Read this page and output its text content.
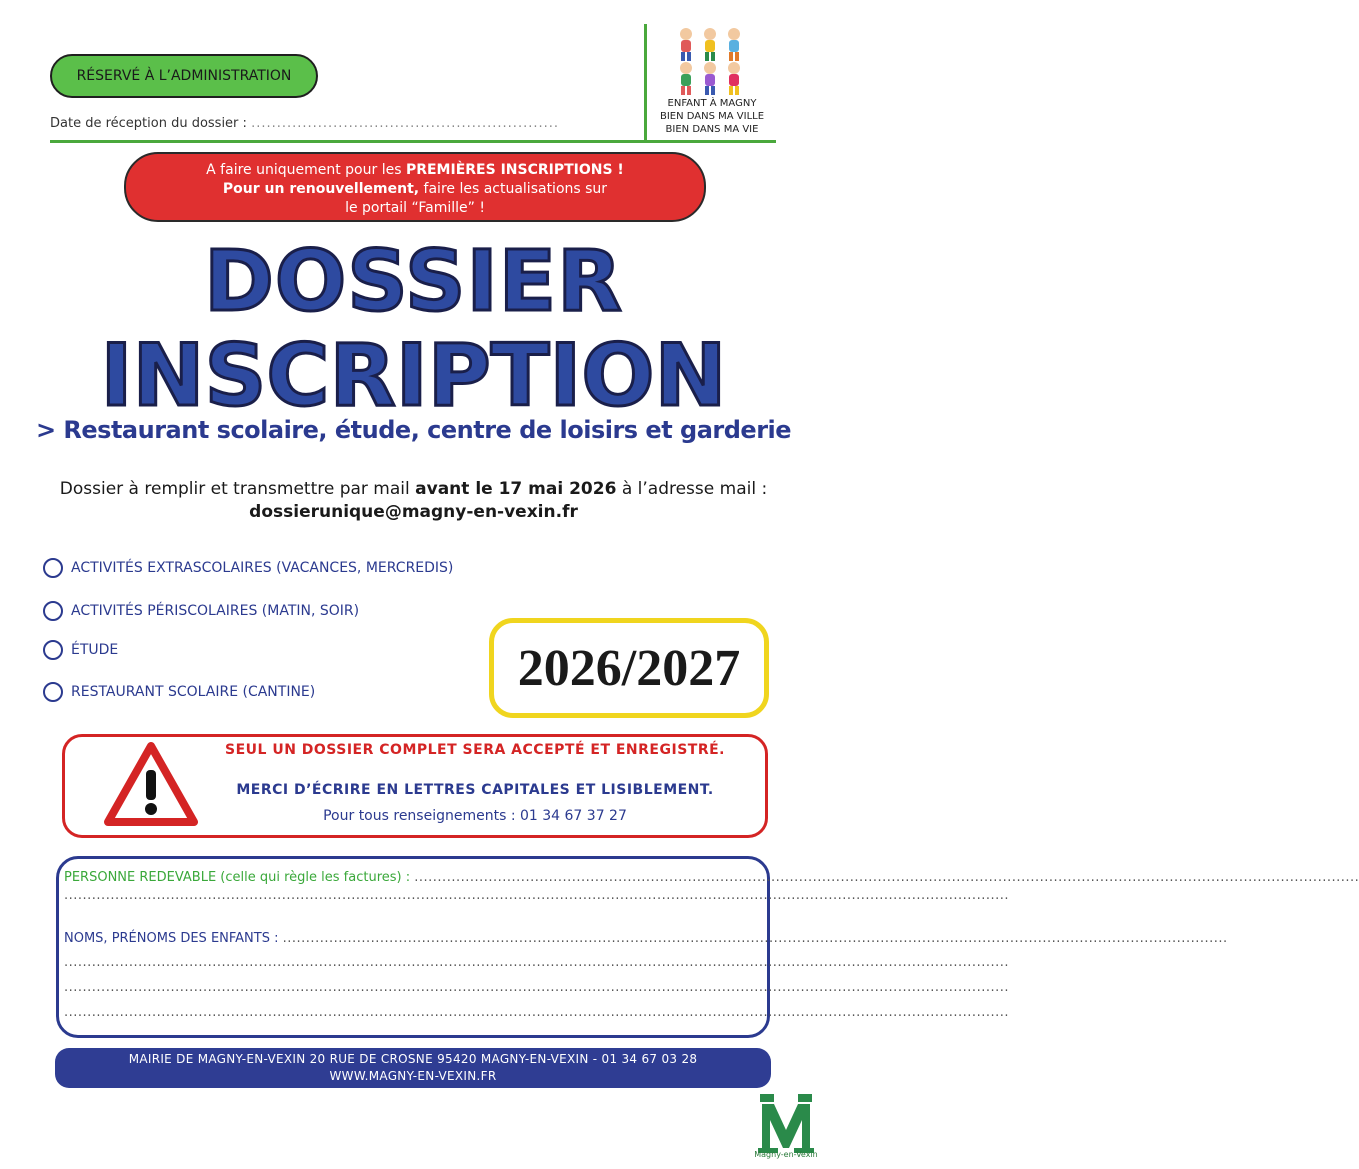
RÉSERVÉ À L’ADMINISTRATION
Date de réception du dossier : ............................................................
ENFANT À MAGNY
BIEN DANS MA VILLE
BIEN DANS MA VIE
A faire uniquement pour les PREMIÈRES INSCRIPTIONS !
Pour un renouvellement, faire les actualisations sur
le portail “Famille” !
DOSSIER
INSCRIPTION
> Restaurant scolaire, étude, centre de loisirs et garderie
Dossier à remplir et transmettre par mail avant le 17 mai 2026 à l’adresse mail :
dossierunique@magny-en-vexin.fr
ACTIVITÉS EXTRASCOLAIRES (VACANCES, MERCREDIS)
ACTIVITÉS PÉRISCOLAIRES (MATIN, SOIR)
ÉTUDE
RESTAURANT SCOLAIRE (CANTINE)	2026/2027
SEUL UN DOSSIER COMPLET SERA ACCEPTÉ ET ENREGISTRÉ.
MERCI D’ÉCRIRE EN LETTRES CAPITALES ET LISIBLEMENT.
Pour tous renseignements : 01 34 67 37 27
PERSONNE REDEVABLE (celle qui règle les factures) : ............................................................................................................................................................................................................
............................................................................................................................................................................................................
NOMS, PRÉNOMS DES ENFANTS : ............................................................................................................................................................................................................
............................................................................................................................................................................................................
............................................................................................................................................................................................................
............................................................................................................................................................................................................
MAIRIE DE MAGNY-EN-VEXIN 20 RUE DE CROSNE 95420 MAGNY-EN-VEXIN - 01 34 67 03 28
WWW.MAGNY-EN-VEXIN.FR
Magny-en-Vexin
